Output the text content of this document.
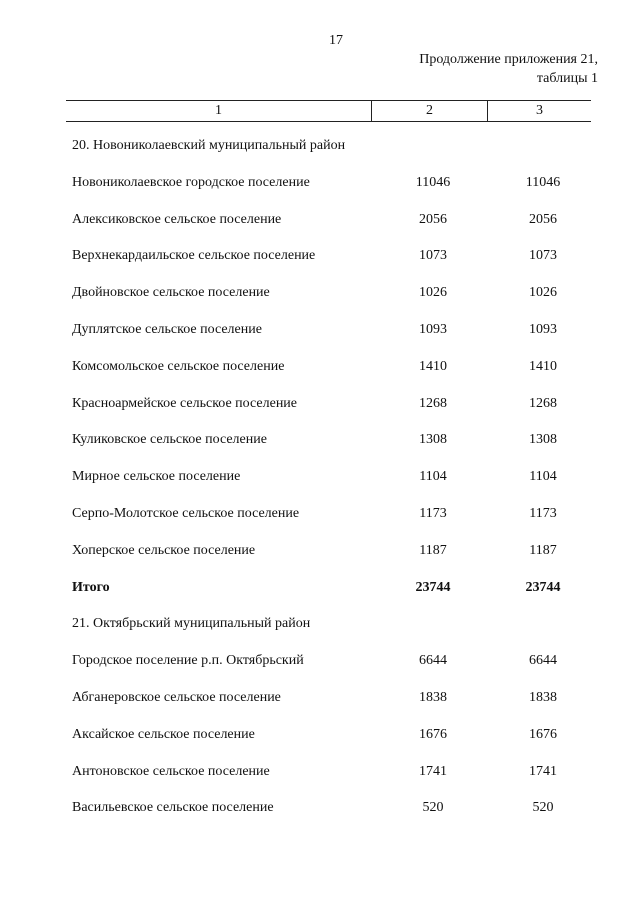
17
Продолжение приложения 21,
таблицы 1
1	2	3
20. Новониколаевский муниципальный район
Новониколаевское городское поселение	11046	11046
Алексиковское сельское поселение	2056	2056
Верхнекардаильское сельское поселение	1073	1073
Двойновское сельское поселение	1026	1026
Дуплятское сельское поселение	1093	1093
Комсомольское сельское поселение	1410	1410
Красноармейское сельское поселение	1268	1268
Куликовское сельское поселение	1308	1308
Мирное сельское поселение	1104	1104
Серпо-Молотское сельское поселение	1173	1173
Хоперское сельское поселение	1187	1187
Итого	23744	23744
21. Октябрьский муниципальный район
Городское поселение р.п. Октябрьский	6644	6644
Абганеровское сельское поселение	1838	1838
Аксайское сельское поселение	1676	1676
Антоновское сельское поселение	1741	1741
Васильевское сельское поселение	520	520
